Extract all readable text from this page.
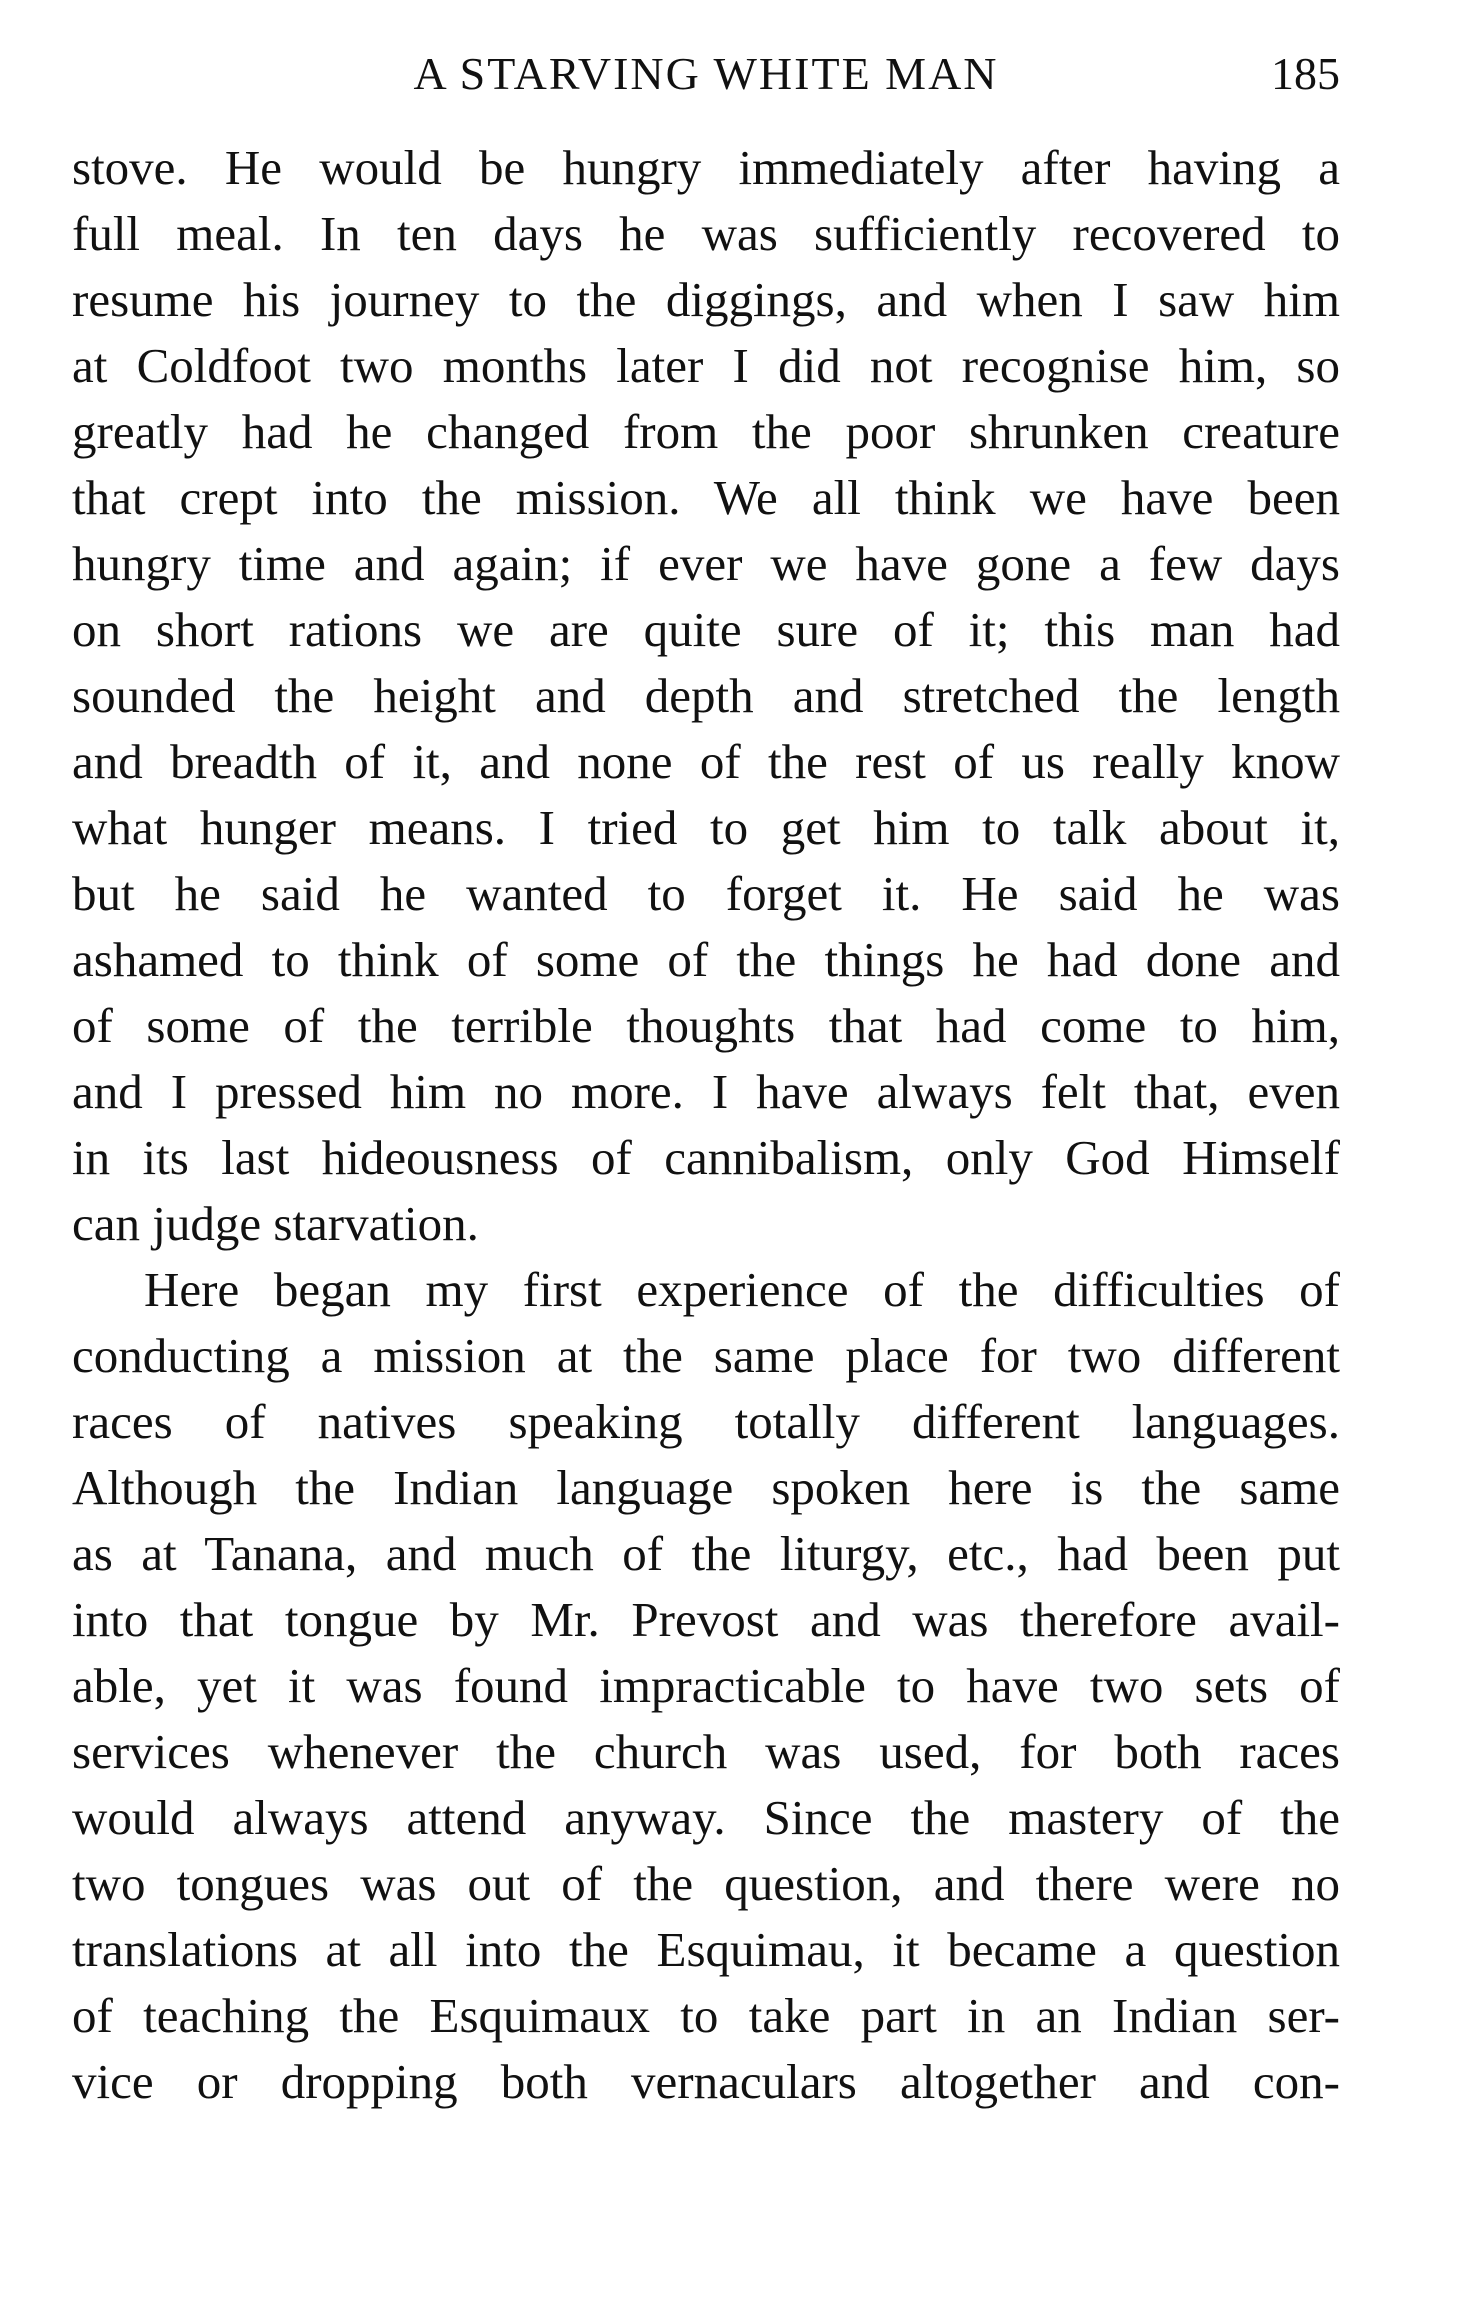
A STARVING WHITE MAN	185
stove. He would be hungry immediately after having a
full meal. In ten days he was sufficiently recovered to
resume his journey to the diggings, and when I saw him
at Coldfoot two months later I did not recognise him, so
greatly had he changed from the poor shrunken creature
that crept into the mission. We all think we have been
hungry time and again; if ever we have gone a few days
on short rations we are quite sure of it; this man had
sounded the height and depth and stretched the length
and breadth of it, and none of the rest of us really know
what hunger means. I tried to get him to talk about it,
but he said he wanted to forget it. He said he was
ashamed to think of some of the things he had done and
of some of the terrible thoughts that had come to him,
and I pressed him no more. I have always felt that, even
in its last hideousness of cannibalism, only God Himself
can judge starvation.
Here began my first experience of the difficulties of
conducting a mission at the same place for two different
races of natives speaking totally different languages.
Although the Indian language spoken here is the same
as at Tanana, and much of the liturgy, etc., had been put
into that tongue by Mr. Prevost and was therefore avail-
able, yet it was found impracticable to have two sets of
services whenever the church was used, for both races
would always attend anyway. Since the mastery of the
two tongues was out of the question, and there were no
translations at all into the Esquimau, it became a question
of teaching the Esquimaux to take part in an Indian ser-
vice or dropping both vernaculars altogether and con-
